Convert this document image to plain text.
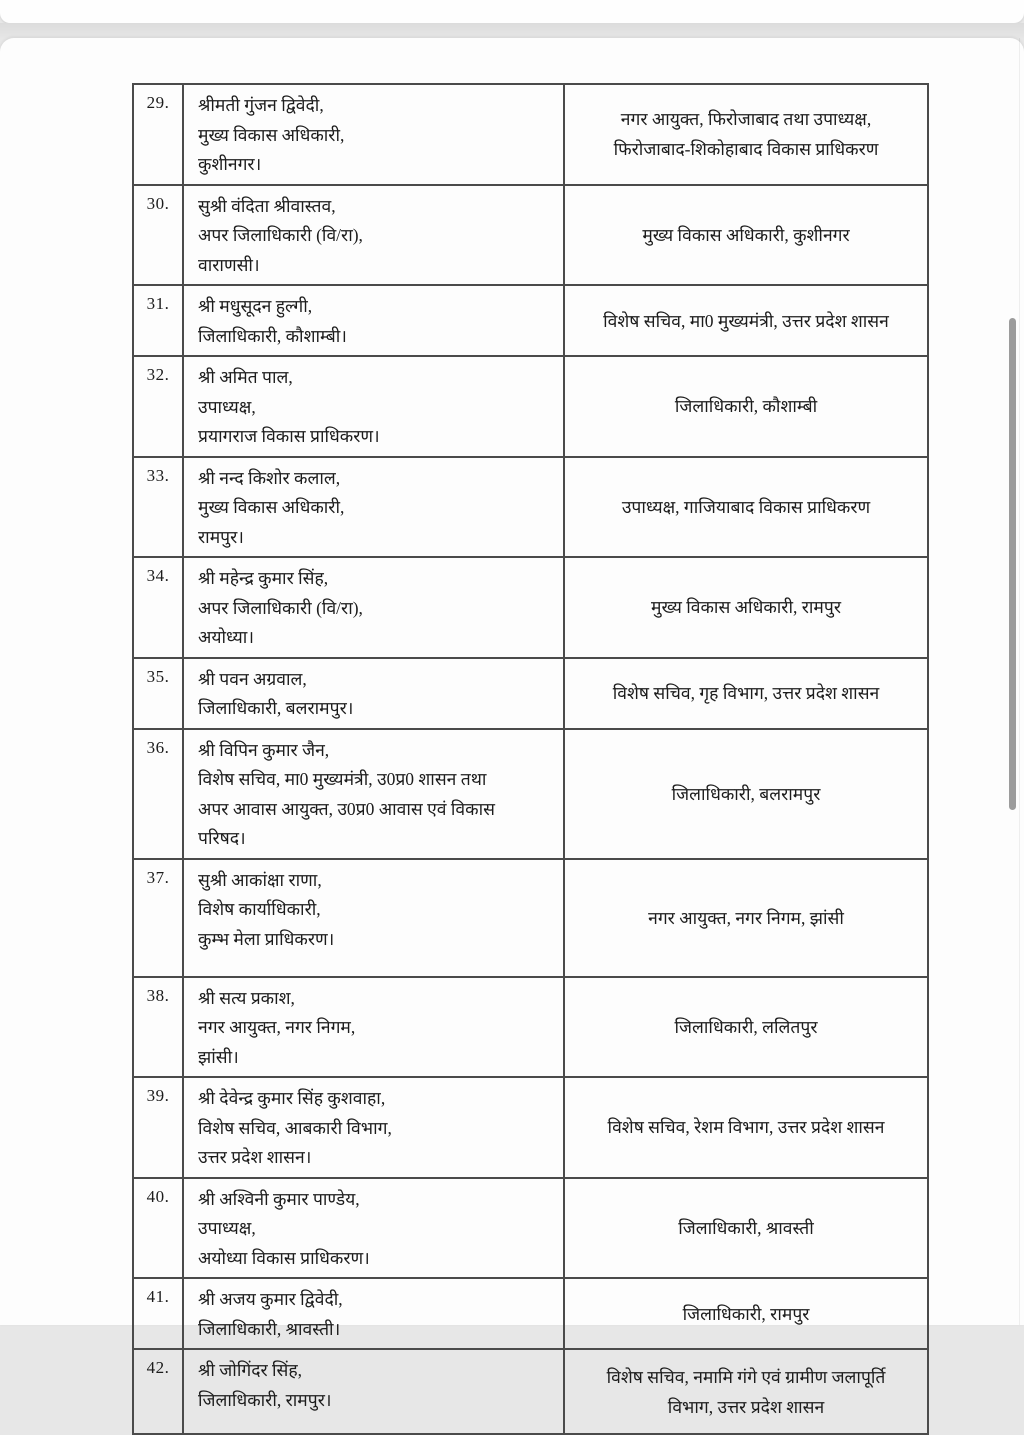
29.	श्रीमती गुंजन द्विवेदी,
मुख्य विकास अधिकारी,
कुशीनगर।	नगर आयुक्त, फिरोजाबाद तथा उपाध्यक्ष, फिरोजाबाद-शिकोहाबाद विकास प्राधिकरण

30.	सुश्री वंदिता श्रीवास्तव,
अपर जिलाधिकारी (वि/रा),
वाराणसी।	मुख्य विकास अधिकारी, कुशीनगर

31.	श्री मधुसूदन हुल्गी,
जिलाधिकारी, कौशाम्बी।	विशेष सचिव, मा0 मुख्यमंत्री, उत्तर प्रदेश शासन

32.	श्री अमित पाल,
उपाध्यक्ष,
प्रयागराज विकास प्राधिकरण।	जिलाधिकारी, कौशाम्बी

33.	श्री नन्द किशोर कलाल,
मुख्य विकास अधिकारी,
रामपुर।	उपाध्यक्ष, गाजियाबाद विकास प्राधिकरण

34.	श्री महेन्द्र कुमार सिंह,
अपर जिलाधिकारी (वि/रा),
अयोध्या।	मुख्य विकास अधिकारी, रामपुर

35.	श्री पवन अग्रवाल,
जिलाधिकारी, बलरामपुर।	विशेष सचिव, गृह विभाग, उत्तर प्रदेश शासन

36.	श्री विपिन कुमार जैन,
विशेष सचिव, मा0 मुख्यमंत्री, उ0प्र0 शासन तथा
अपर आवास आयुक्त, उ0प्र0 आवास एवं विकास
परिषद।	जिलाधिकारी, बलरामपुर

37.	सुश्री आकांक्षा राणा,
विशेष कार्याधिकारी,
कुम्भ मेला प्राधिकरण।	नगर आयुक्त, नगर निगम, झांसी

38.	श्री सत्य प्रकाश,
नगर आयुक्त, नगर निगम,
झांसी।	जिलाधिकारी, ललितपुर

39.	श्री देवेन्द्र कुमार सिंह कुशवाहा,
विशेष सचिव, आबकारी विभाग,
उत्तर प्रदेश शासन।	विशेष सचिव, रेशम विभाग, उत्तर प्रदेश शासन

40.	श्री अश्विनी कुमार पाण्डेय,
उपाध्यक्ष,
अयोध्या विकास प्राधिकरण।	जिलाधिकारी, श्रावस्ती

41.	श्री अजय कुमार द्विवेदी,
जिलाधिकारी, श्रावस्ती।	जिलाधिकारी, रामपुर

42.	श्री जोगिंदर सिंह,
जिलाधिकारी, रामपुर।	विशेष सचिव, नमामि गंगे एवं ग्रामीण जलापूर्ति विभाग, उत्तर प्रदेश शासन
